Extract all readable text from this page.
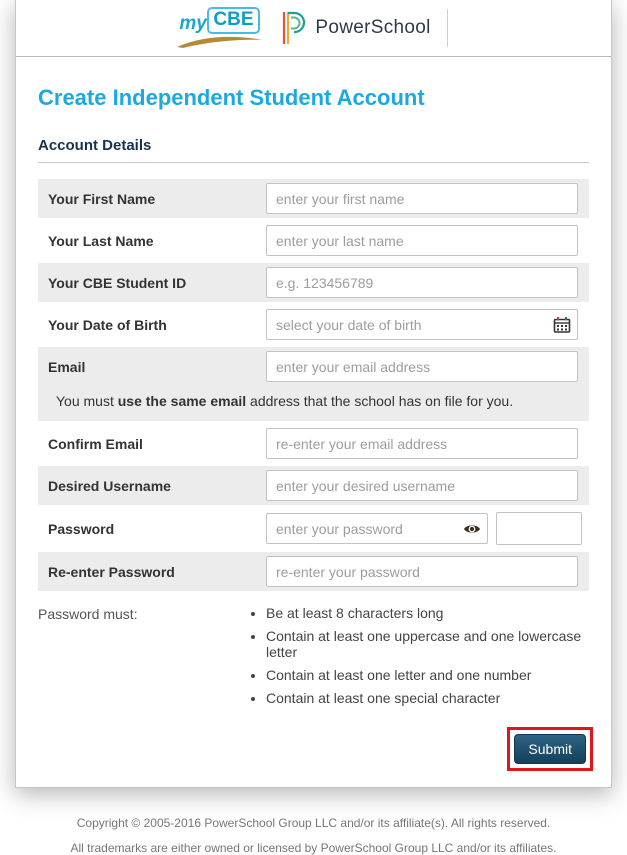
my CBE	PowerSchool
Create Independent Student Account
Account Details
Your First Name
enter your first name
Your Last Name
enter your last name
Your CBE Student ID
e.g. 123456789
Your Date of Birth
select your date of birth
Email
enter your email address
You must use the same email address that the school has on file for you.
Confirm Email
re-enter your email address
Desired Username
enter your desired username
Password
Re-enter Password
Password must:	• Be at least 8 characters long
• Contain at least one uppercase and one lowercase letter
• Contain at least one letter and one number
• Contain at least one special character
Submit

Copyright © 2005-2016 PowerSchool Group LLC and/or its affiliate(s). All rights reserved.

All trademarks are either owned or licensed by PowerSchool Group LLC and/or its affiliates.
